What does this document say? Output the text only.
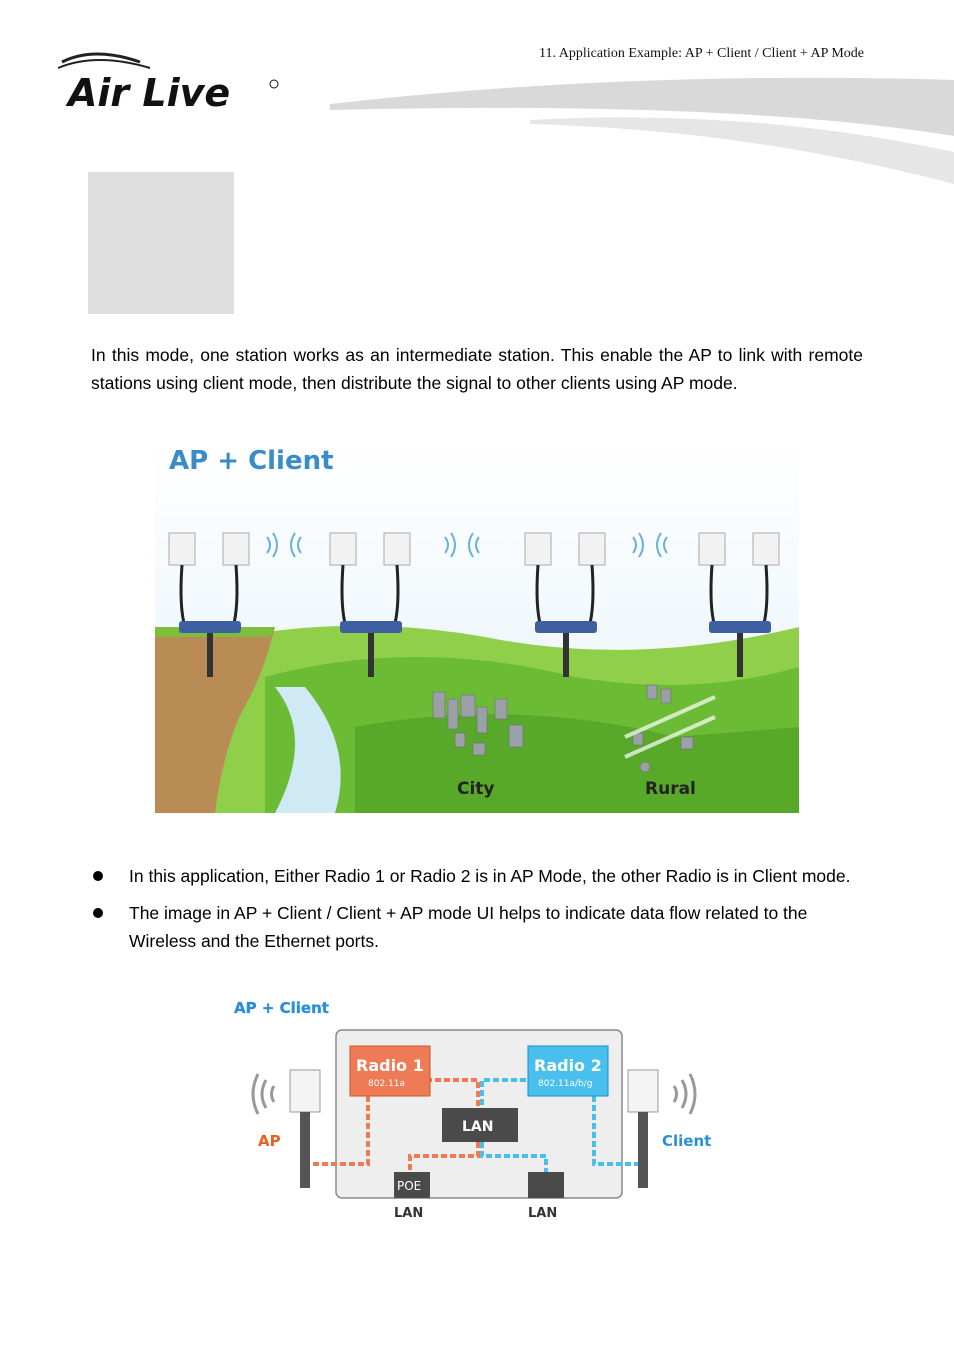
11. Application Example: AP + Client / Client + AP Mode
Air Live
In this mode, one station works as an intermediate station. This enable the AP to link with remote stations using client mode, then distribute the signal to other clients using AP mode.
AP + Client
City	Rural
In this application, Either Radio 1 or Radio 2 is in AP Mode, the other Radio is in Client mode.
The image in AP + Client / Client + AP mode UI helps to indicate data flow related to the Wireless and the Ethernet ports.
AP + Client
Radio 1
802.11a
Radio 2
802.11a/b/g
LAN
POE
LAN	LAN
AP	Client
